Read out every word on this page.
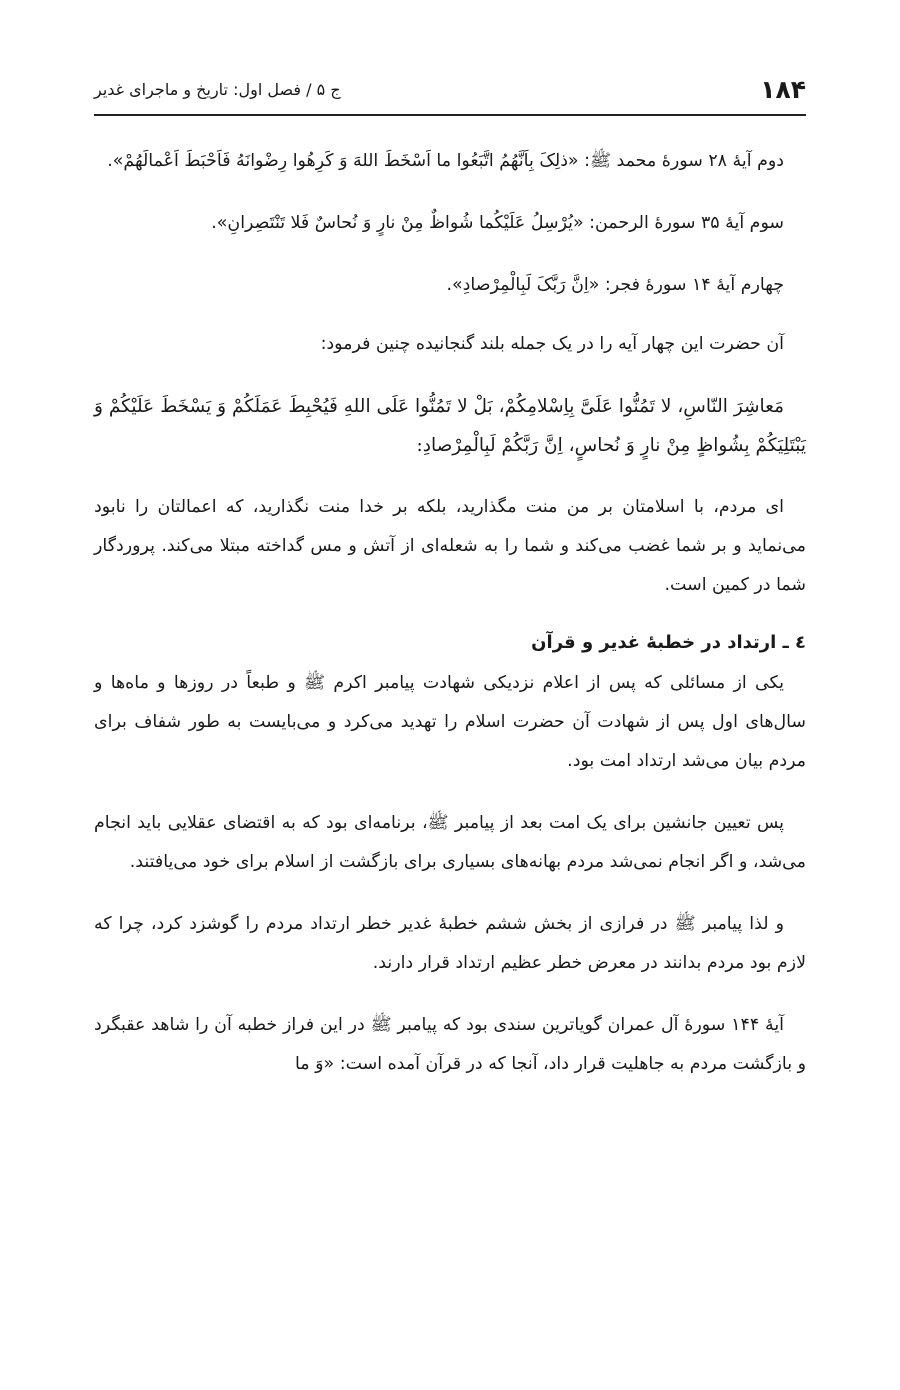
۱۸۴
ج ۵ / فصل اول: تاریخ و ماجرای غدیر

دوم آیهٔ ۲۸ سورهٔ محمد ﷺ: «ذلِکَ بِاَنَّهُمُ اتَّبَعُوا ما اَسْخَطَ اللهَ وَ کَرِهُوا رِضْوانَهُ فَاَحْبَطَ اَعْمالَهُمْ».

سوم آیهٔ ۳۵ سورهٔ الرحمن: «یُرْسِلُ عَلَیْکُما شُواظٌ مِنْ نارٍ وَ نُحاسٌ فَلا تَنْتَصِرانِ».

چهارم آیهٔ ۱۴ سورهٔ فجر: «اِنَّ رَبَّکَ لَبِالْمِرْصادِ».

آن حضرت این چهار آیه را در یک جمله بلند گنجانیده چنین فرمود:

مَعاشِرَ النّاسِ، لا تَمُنُّوا عَلَیَّ بِاِسْلامِکُمْ، بَلْ لا تَمُنُّوا عَلَی اللهِ فَیُحْبِطَ عَمَلَکُمْ وَ یَسْخَطَ عَلَیْکُمْ وَ یَبْتَلِیَکُمْ بِشُواظٍ مِنْ نارٍ وَ نُحاسٍ، اِنَّ رَبَّکُمْ لَبِالْمِرْصادِ:

ای مردم، با اسلامتان بر من منت مگذارید، بلکه بر خدا منت نگذارید، که اعمالتان را نابود می‌نماید و بر شما غضب می‌کند و شما را به شعله‌ای از آتش و مس گداخته مبتلا می‌کند. پروردگار شما در کمین است.

٤ ـ ارتداد در خطبهٔ غدیر و قرآن

یکی از مسائلی که پس از اعلام نزدیکی شهادت پیامبر اکرم ﷺ و طبعاً در روزها و ماه‌ها و سال‌های اول پس از شهادت آن حضرت اسلام را تهدید می‌کرد و می‌بایست به طور شفاف برای مردم بیان می‌شد ارتداد امت بود.

پس تعیین جانشین برای یک امت بعد از پیامبر ﷺ، برنامه‌ای بود که به اقتضای عقلایی باید انجام می‌شد، و اگر انجام نمی‌شد مردم بهانه‌های بسیاری برای بازگشت از اسلام برای خود می‌یافتند.

و لذا پیامبر ﷺ در فرازی از بخش ششم خطبهٔ غدیر خطر ارتداد مردم را گوشزد کرد، چرا که لازم بود مردم بدانند در معرض خطر عظیم ارتداد قرار دارند.

آیهٔ ۱۴۴ سورهٔ آل عمران گویاترین سندی بود که پیامبر ﷺ در این فراز خطبه آن را شاهد عقبگرد و بازگشت مردم به جاهلیت قرار داد، آنجا که در قرآن آمده است: «وَ ما
